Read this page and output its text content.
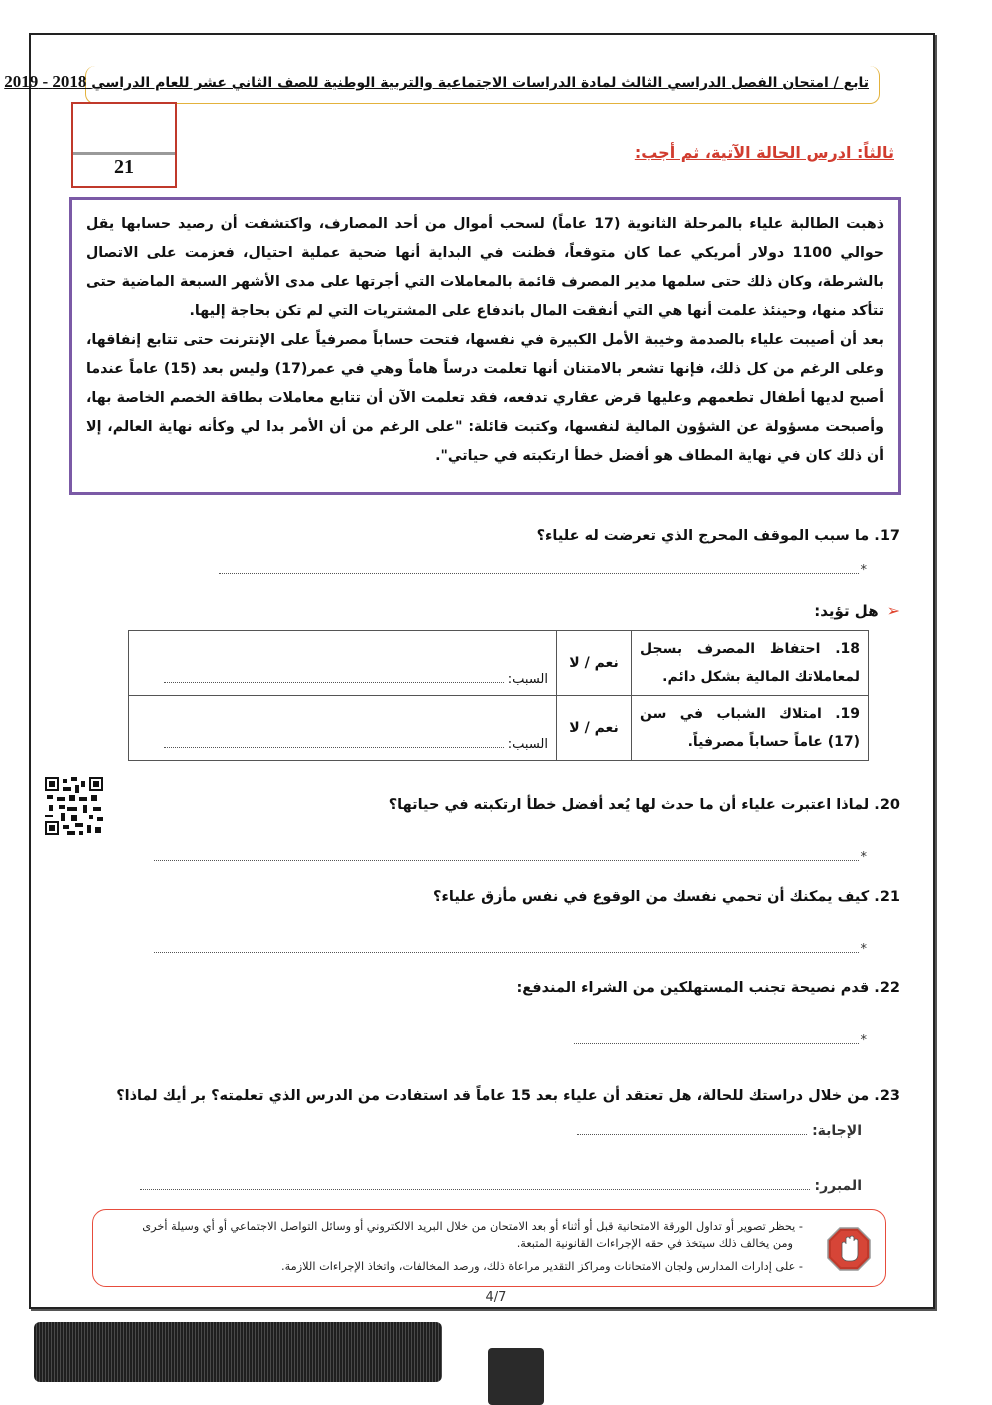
تابع / امتحان الفصل الدراسي الثالث لمادة الدراسات الاجتماعية والتربية الوطنية للصف الثاني عشر للعام الدراسي 2018 - 2019
21
ثالثاً: ادرس الحالة الآتية، ثم أجب:

ذهبت الطالبة علياء بالمرحلة الثانوية (17 عاماً) لسحب أموال من أحد المصارف، واكتشفت أن رصيد حسابها يقل حوالي 1100 دولار أمريكي عما كان متوقعاً، فظنت في البداية أنها ضحية عملية احتيال، فعزمت على الاتصال بالشرطة، وكان ذلك حتى سلمها مدير المصرف قائمة بالمعاملات التي أجرتها على مدى الأشهر السبعة الماضية حتى تتأكد منها، وحينئذ علمت أنها هي التي أنفقت المال باندفاع على المشتريات التي لم تكن بحاجة إليها.

بعد أن أصيبت علياء بالصدمة وخيبة الأمل الكبيرة في نفسها، فتحت حساباً مصرفياً على الإنترنت حتى تتابع إنفاقها، وعلى الرغم من كل ذلك، فإنها تشعر بالامتنان أنها تعلمت درساً هاماً وهي في عمر(17) وليس بعد (15) عاماً عندما أصبح لديها أطفال تطعمهم وعليها قرض عقاري تدفعه، فقد تعلمت الآن أن تتابع معاملات بطاقة الخصم الخاصة بها، وأصبحت مسؤولة عن الشؤون المالية لنفسها، وكتبت قائلة: "على الرغم من أن الأمر بدا لي وكأنه نهاية العالم، إلا أن ذلك كان في نهاية المطاف هو أفضل خطأ ارتكبته في حياتي".

17. ما سبب الموقف المحرج الذي تعرضت له علياء؟
*
➢هل تؤيد:
18. احتفاظ المصرف بسجل لمعاملاتك المالية بشكل دائم.	نعم / لا	السبب:
19. امتلاك الشباب في سن (17) عاماً حساباً مصرفياً.	نعم / لا	السبب:
20. لماذا اعتبرت علياء أن ما حدث لها يُعد أفضل خطأ ارتكبته في حياتها؟
*
21. كيف يمكنك أن تحمي نفسك من الوقوع في نفس مأزق علياء؟
*
22. قدم نصيحة تجنب المستهلكين من الشراء المندفع:
*
23. من خلال دراستك للحالة، هل تعتقد أن علياء بعد 15 عاماً قد استفادت من الدرس الذي تعلمته؟ بر أيك لماذا؟
الإجابة:
المبرر:
- يحظر تصوير أو تداول الورقة الامتحانية قبل أو أثناء أو بعد الامتحان من خلال البريد الالكتروني أو وسائل التواصل الاجتماعي أو أي وسيلة أخرى
ومن يخالف ذلك سيتخذ في حقه الإجراءات القانونية المتبعة.
- على إدارات المدارس ولجان الامتحانات ومراكز التقدير مراعاة ذلك، ورصد المخالفات، واتخاذ الإجراءات اللازمة.
4/7
